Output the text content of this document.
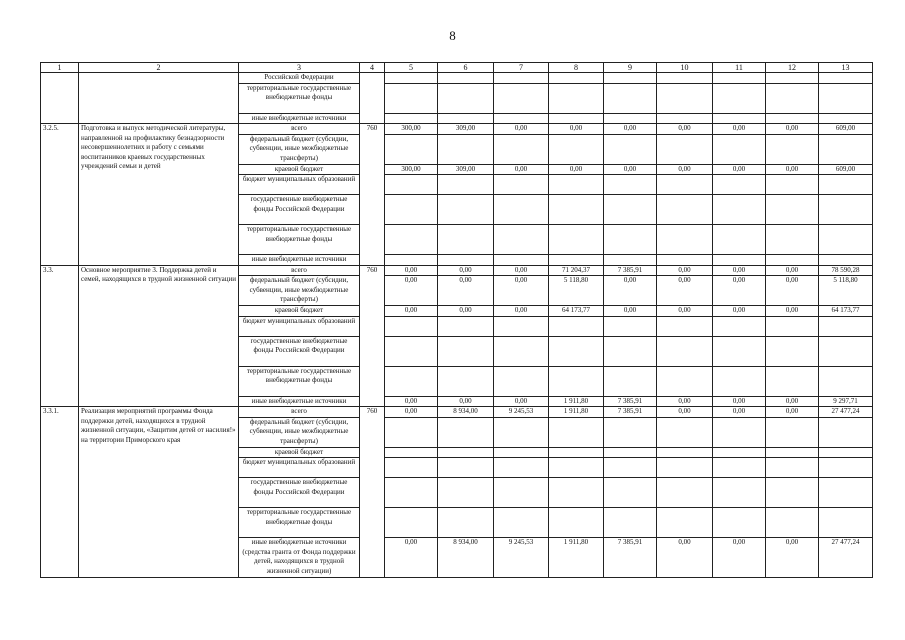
8
1	2	3	4	5	6	7	8	9	10	11	12	13
		Российской Федерации										
		территориальные государственные внебюджетные фонды										
		иные внебюджетные источники										
3.2.5.	Подготовка и выпуск методической литературы, направленной на профилактику безнадзорности несовершеннолетних и работу с семьями воспитанников краевых государственных учреждений семьи и детей	всего	760	300,00	309,00	0,00	0,00	0,00	0,00	0,00	0,00	609,00
		федеральный бюджет (субсидии, субвенции, иные межбюджетные трансферты)										
		краевой бюджет		300,00	309,00	0,00	0,00	0,00	0,00	0,00	0,00	609,00
		бюджет муниципальных образований										
		государственные внебюджетные фонды Российской Федерации										
		территориальные государственные внебюджетные фонды										
		иные внебюджетные источники										
3.3.	Основное мероприятие 3. Поддержка детей и семей, находящихся в трудной жизненной ситуации	всего	760	0,00	0,00	0,00	71 204,37	7 385,91	0,00	0,00	0,00	78 590,28
		федеральный бюджет (субсидии, субвенции, иные межбюджетные трансферты)		0,00	0,00	0,00	5 118,80	0,00	0,00	0,00	0,00	5 118,80
		краевой бюджет		0,00	0,00	0,00	64 173,77	0,00	0,00	0,00	0,00	64 173,77
		бюджет муниципальных образований										
		государственные внебюджетные фонды Российской Федерации										
		территориальные государственные внебюджетные фонды										
		иные внебюджетные источники		0,00	0,00	0,00	1 911,80	7 385,91	0,00	0,00	0,00	9 297,71
3.3.1.	Реализация мероприятий программы Фонда поддержки детей, находящихся в трудной жизненной ситуации, «Защитим детей от насилия!» на территории Приморского края	всего	760	0,00	8 934,00	9 245,53	1 911,80	7 385,91	0,00	0,00	0,00	27 477,24
		федеральный бюджет (субсидии, субвенции, иные межбюджетные трансферты)										
		краевой бюджет										
		бюджет муниципальных образований										
		государственные внебюджетные фонды Российской Федерации										
		территориальные государственные внебюджетные фонды										
		иные внебюджетные источники (средства гранта от Фонда поддержки детей, находящихся в трудной жизненной ситуации)		0,00	8 934,00	9 245,53	1 911,80	7 385,91	0,00	0,00	0,00	27 477,24
